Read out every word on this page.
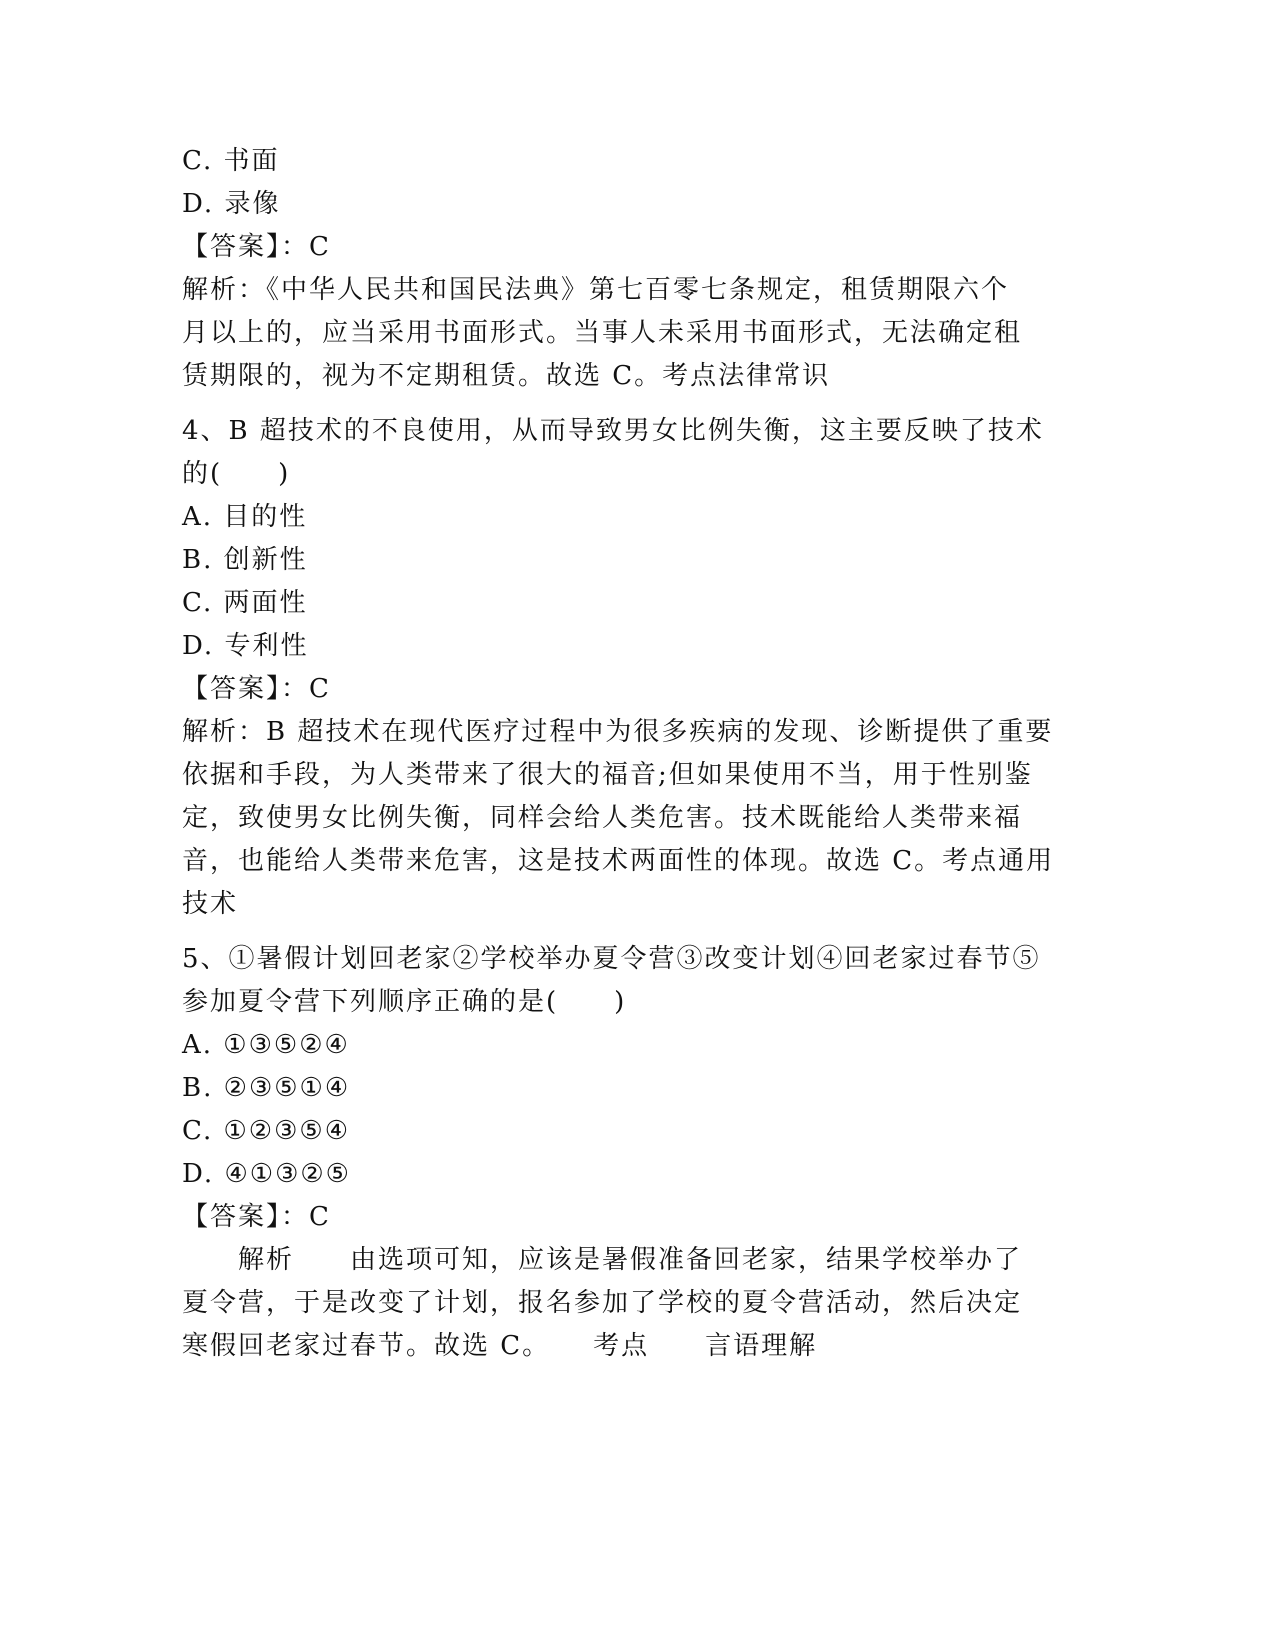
C. 书面
D. 录像
【答案】：C
解析：《中华人民共和国民法典》第七百零七条规定，租赁期限六个
月以上的，应当采用书面形式。当事人未采用书面形式，无法确定租
赁期限的，视为不定期租赁。故选 C。考点法律常识
4、B 超技术的不良使用，从而导致男女比例失衡，这主要反映了技术
的(　　)
A. 目的性
B. 创新性
C. 两面性
D. 专利性
【答案】：C
解析：B 超技术在现代医疗过程中为很多疾病的发现、诊断提供了重要
依据和手段，为人类带来了很大的福音;但如果使用不当，用于性别鉴
定，致使男女比例失衡，同样会给人类危害。技术既能给人类带来福
音，也能给人类带来危害，这是技术两面性的体现。故选 C。考点通用
技术
5、①暑假计划回老家②学校举办夏令营③改变计划④回老家过春节⑤
参加夏令营下列顺序正确的是(　　)
A. ①③⑤②④
B. ②③⑤①④
C. ①②③⑤④
D. ④①③②⑤
【答案】：C
　　解析　　由选项可知，应该是暑假准备回老家，结果学校举办了
夏令营，于是改变了计划，报名参加了学校的夏令营活动，然后决定
寒假回老家过春节。故选 C。　　考点　　言语理解
